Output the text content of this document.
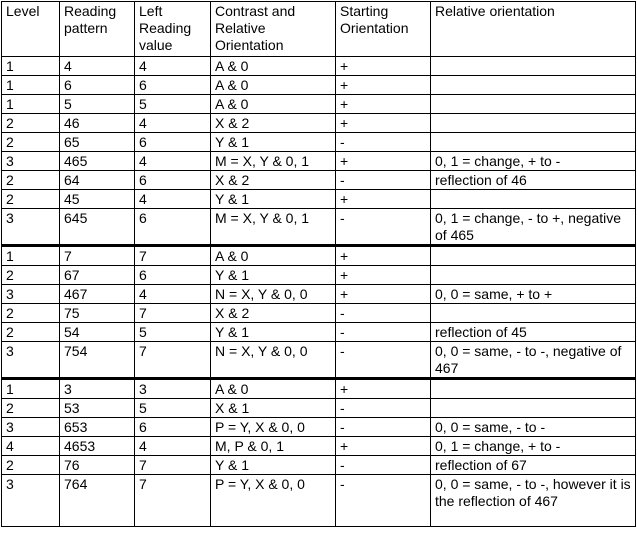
Level	Reading pattern	Left Reading value	Contrast and Relative Orientation	Starting Orientation	Relative orientation
1	4	4	A & 0	+	
1	6	6	A & 0	+	
1	5	5	A & 0	+	
2	46	4	X & 2	+	
2	65	6	Y & 1	-	
3	465	4	M = X, Y & 0, 1	+	0, 1 = change, + to -
2	64	6	X & 2	-	reflection of 46
2	45	4	Y & 1	+	
3	645	6	M = X, Y & 0, 1	-	0, 1 = change, - to +, negative of 465
1	7	7	A & 0	+	
2	67	6	Y & 1	+	
3	467	4	N = X, Y & 0, 0	+	0, 0 = same, + to +
2	75	7	X & 2	-	
2	54	5	Y & 1	-	reflection of 45
3	754	7	N = X, Y & 0, 0	-	0, 0 = same, - to -, negative of 467
1	3	3	A & 0	+	
2	53	5	X & 1	-	
3	653	6	P = Y, X & 0, 0	-	0, 0 = same, - to -
4	4653	4	M, P & 0, 1	+	0, 1 = change, + to -
2	76	7	Y & 1	-	reflection of 67
3	764	7	P = Y, X & 0, 0	-	0, 0 = same, - to -, however it is the reflection of 467
